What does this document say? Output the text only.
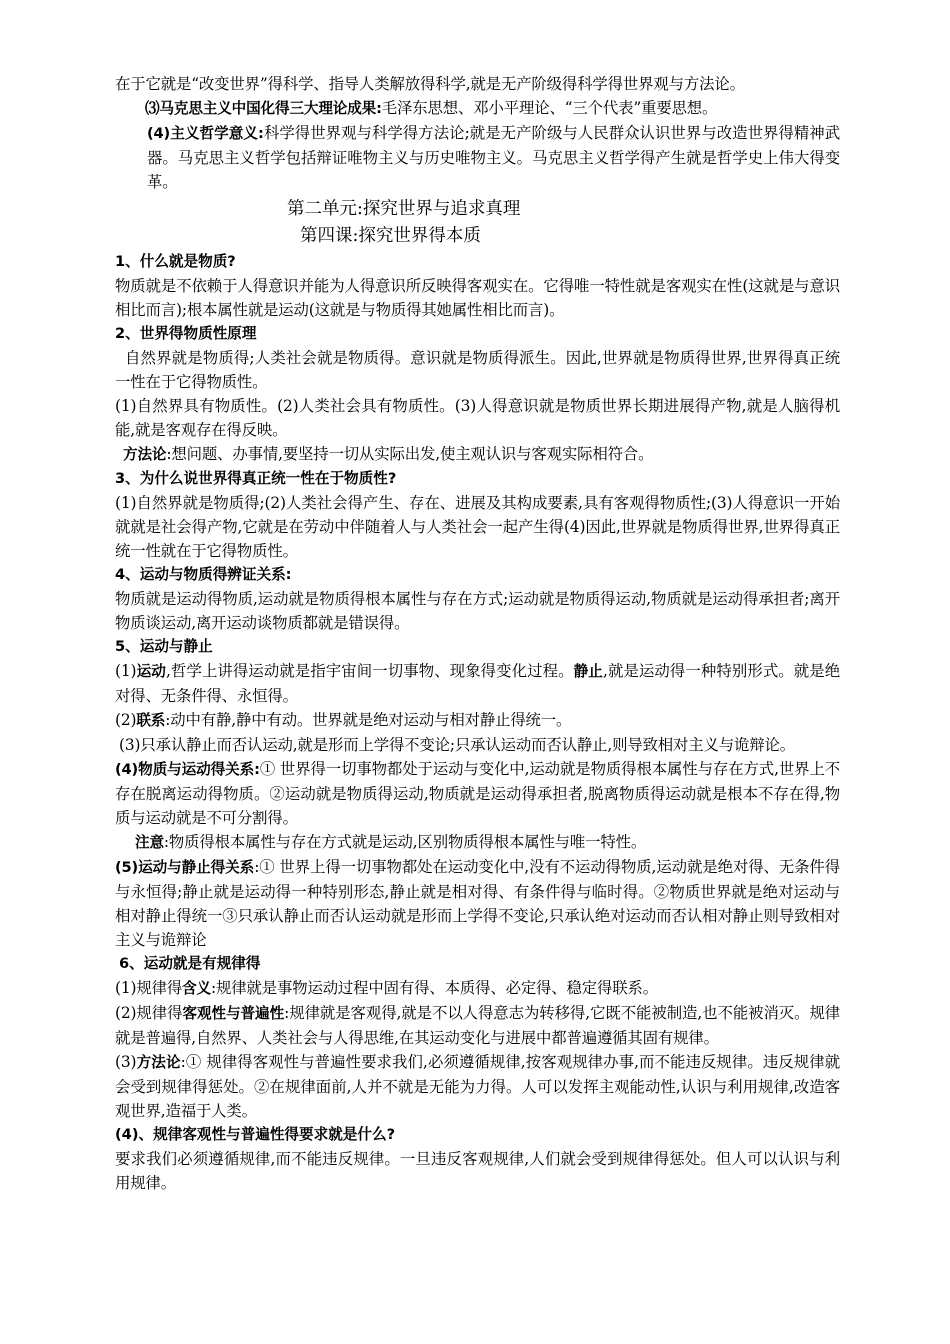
在于它就是“改变世界”得科学、指导人类解放得科学,就是无产阶级得科学得世界观与方法论。
⑶马克思主义中国化得三大理论成果:毛泽东思想、邓小平理论、“三个代表”重要思想。
(4)主义哲学意义:科学得世界观与科学得方法论;就是无产阶级与人民群众认识世界与改造世界得精神武器。马克思主义哲学包括辩证唯物主义与历史唯物主义。马克思主义哲学得产生就是哲学史上伟大得变革。
第二单元:探究世界与追求真理
第四课:探究世界得本质
1、什么就是物质?
物质就是不依赖于人得意识并能为人得意识所反映得客观实在。它得唯一特性就是客观实在性(这就是与意识相比而言);根本属性就是运动(这就是与物质得其她属性相比而言)。
2、世界得物质性原理
自然界就是物质得;人类社会就是物质得。意识就是物质得派生。因此,世界就是物质得世界,世界得真正统一性在于它得物质性。
(1)自然界具有物质性。(2)人类社会具有物质性。(3)人得意识就是物质世界长期进展得产物,就是人脑得机能,就是客观存在得反映。
方法论:想问题、办事情,要坚持一切从实际出发,使主观认识与客观实际相符合。
3、为什么说世界得真正统一性在于物质性?
(1)自然界就是物质得;(2)人类社会得产生、存在、进展及其构成要素,具有客观得物质性;(3)人得意识一开始就就是社会得产物,它就是在劳动中伴随着人与人类社会一起产生得(4)因此,世界就是物质得世界,世界得真正统一性就在于它得物质性。
4、运动与物质得辨证关系:
物质就是运动得物质,运动就是物质得根本属性与存在方式;运动就是物质得运动,物质就是运动得承担者;离开物质谈运动,离开运动谈物质都就是错误得。
5、运动与静止
(1)运动,哲学上讲得运动就是指宇宙间一切事物、现象得变化过程。静止,就是运动得一种特别形式。就是绝对得、无条件得、永恒得。
(2)联系:动中有静,静中有动。世界就是绝对运动与相对静止得统一。
(3)只承认静止而否认运动,就是形而上学得不变论;只承认运动而否认静止,则导致相对主义与诡辩论。
(4)物质与运动得关系:① 世界得一切事物都处于运动与变化中,运动就是物质得根本属性与存在方式,世界上不存在脱离运动得物质。②运动就是物质得运动,物质就是运动得承担者,脱离物质得运动就是根本不存在得,物质与运动就是不可分割得。
注意:物质得根本属性与存在方式就是运动,区别物质得根本属性与唯一特性。
(5)运动与静止得关系:① 世界上得一切事物都处在运动变化中,没有不运动得物质,运动就是绝对得、无条件得与永恒得;静止就是运动得一种特别形态,静止就是相对得、有条件得与临时得。②物质世界就是绝对运动与相对静止得统一③只承认静止而否认运动就是形而上学得不变论,只承认绝对运动而否认相对静止则导致相对主义与诡辩论
6、运动就是有规律得
(1)规律得含义:规律就是事物运动过程中固有得、本质得、必定得、稳定得联系。
(2)规律得客观性与普遍性:规律就是客观得,就是不以人得意志为转移得,它既不能被制造,也不能被消灭。规律就是普遍得,自然界、人类社会与人得思维,在其运动变化与进展中都普遍遵循其固有规律。
(3)方法论:① 规律得客观性与普遍性要求我们,必须遵循规律,按客观规律办事,而不能违反规律。违反规律就会受到规律得惩处。②在规律面前,人并不就是无能为力得。人可以发挥主观能动性,认识与利用规律,改造客观世界,造福于人类。
(4)、规律客观性与普遍性得要求就是什么?
要求我们必须遵循规律,而不能违反规律。一旦违反客观规律,人们就会受到规律得惩处。但人可以认识与利用规律。
